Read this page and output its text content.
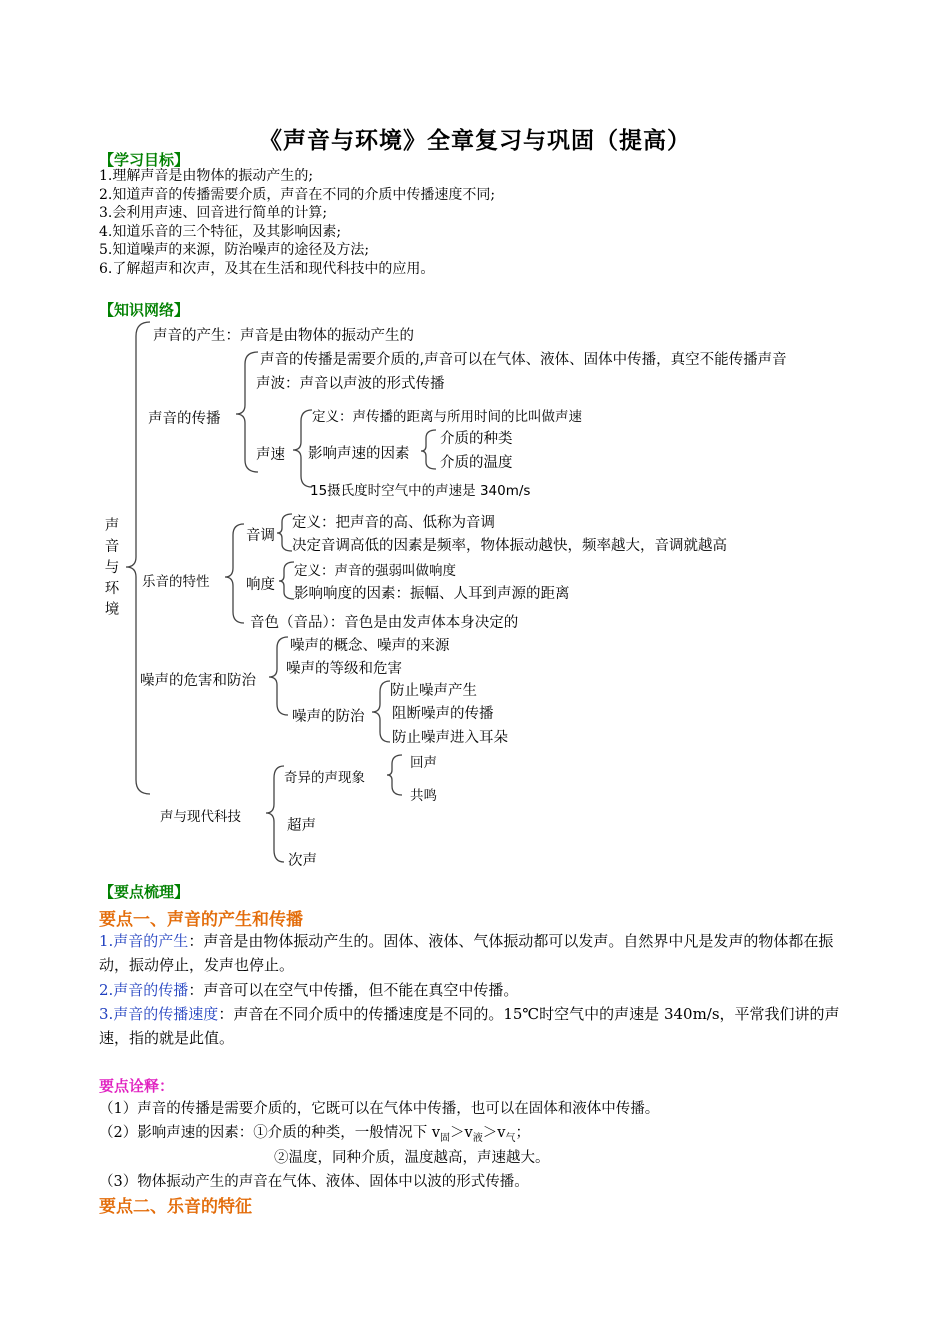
《声音与环境》全章复习与巩固（提高）
【学习目标】
1.理解声音是由物体的振动产生的;
2.知道声音的传播需要介质，声音在不同的介质中传播速度不同;
3.会利用声速、回音进行简单的计算;
4.知道乐音的三个特征，及其影响因素;
5.知道噪声的来源，防治噪声的途径及方法;
6.了解超声和次声，及其在生活和现代科技中的应用。
【知识网络】
声音与环境
声音的产生：声音是由物体的振动产生的
声音的传播
声音的传播是需要介质的,声音可以在气体、液体、固体中传播，真空不能传播声音
声波：声音以声波的形式传播
声速
定义：声传播的距离与所用时间的比叫做声速
影响声速的因素
介质的种类
介质的温度
15摄氏度时空气中的声速是 340m/s
乐音的特性
音调
定义：把声音的高、低称为音调
决定音调高低的因素是频率，物体振动越快，频率越大，音调就越高
响度
定义：声音的强弱叫做响度
影响响度的因素：振幅、人耳到声源的距离
音色（音品）：音色是由发声体本身决定的
噪声的危害和防治
噪声的概念、噪声的来源
噪声的等级和危害
噪声的防治
防止噪声产生
阻断噪声的传播
防止噪声进入耳朵
声与现代科技
奇异的声现象
回声
共鸣
超声
次声
【要点梳理】
要点一、声音的产生和传播
1.声音的产生：声音是由物体振动产生的。固体、液体、气体振动都可以发声。自然界中凡是发声的物体都在振动，振动停止，发声也停止。
2.声音的传播：声音可以在空气中传播，但不能在真空中传播。
3.声音的传播速度：声音在不同介质中的传播速度是不同的。15℃时空气中的声速是 340m/s，平常我们讲的声速，指的就是此值。
要点诠释：
（1）声音的传播是需要介质的，它既可以在气体中传播，也可以在固体和液体中传播。
（2）影响声速的因素：①介质的种类，一般情况下 $v_固>v_液>v_气$；
②温度，同种介质，温度越高，声速越大。
（3）物体振动产生的声音在气体、液体、固体中以波的形式传播。
要点二、乐音的特征
